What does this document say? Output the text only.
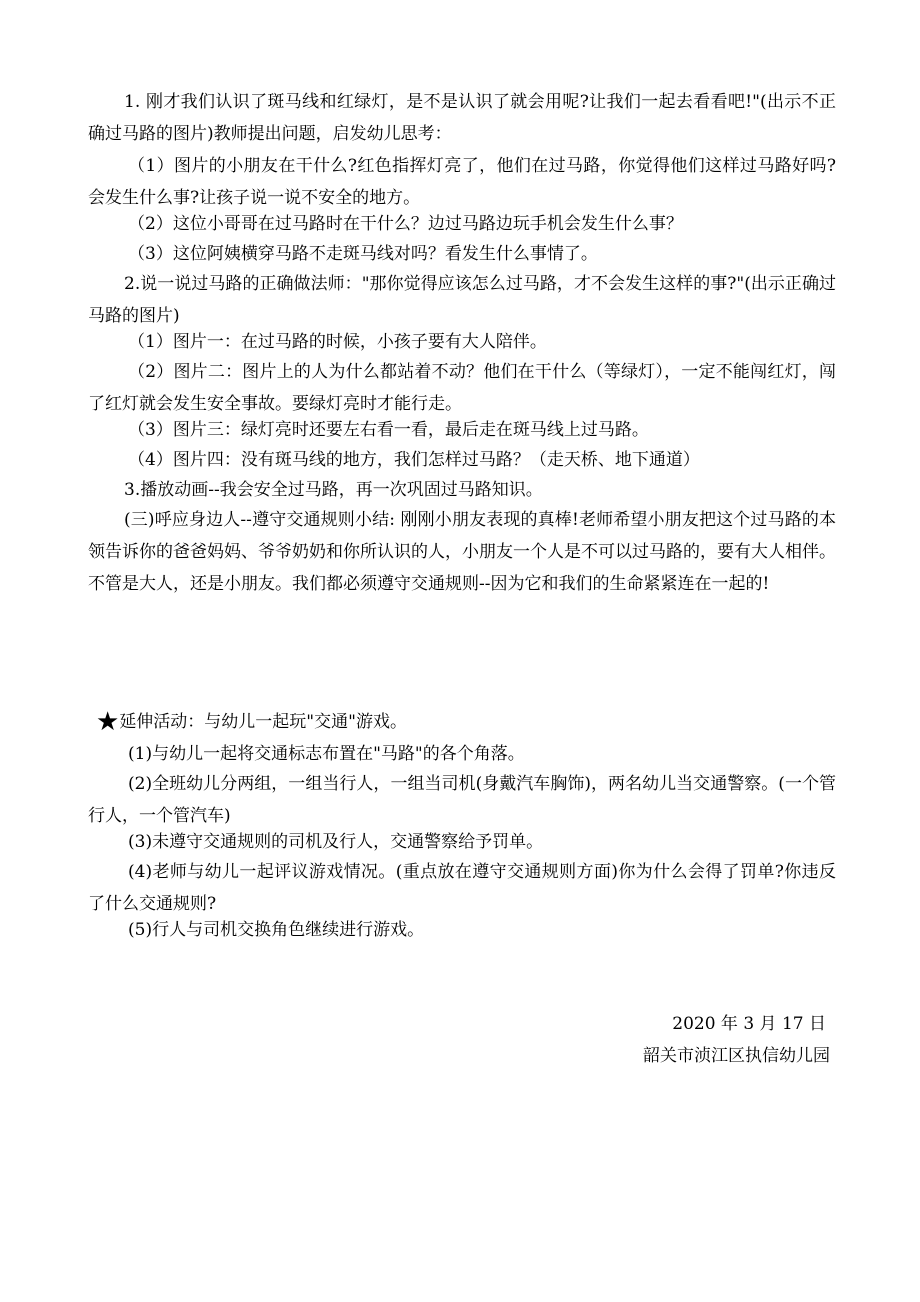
1. 刚才我们认识了斑马线和红绿灯，是不是认识了就会用呢?让我们一起去看看吧!"(出示不正确过马路的图片)教师提出问题，启发幼儿思考：

（1）图片的小朋友在干什么?红色指挥灯亮了，他们在过马路，你觉得他们这样过马路好吗?会发生什么事?让孩子说一说不安全的地方。

（2）这位小哥哥在过马路时在干什么？边过马路边玩手机会发生什么事？

（3）这位阿姨横穿马路不走斑马线对吗？看发生什么事情了。

2.说一说过马路的正确做法师："那你觉得应该怎么过马路，才不会发生这样的事?"(出示正确过马路的图片)

（1）图片一：在过马路的时候，小孩子要有大人陪伴。

（2）图片二：图片上的人为什么都站着不动？他们在干什么（等绿灯），一定不能闯红灯，闯了红灯就会发生安全事故。要绿灯亮时才能行走。

（3）图片三：绿灯亮时还要左右看一看，最后走在斑马线上过马路。

（4）图片四：没有斑马线的地方，我们怎样过马路？（走天桥、地下通道）

3.播放动画--我会安全过马路，再一次巩固过马路知识。

(三)呼应身边人--遵守交通规则小结: 刚刚小朋友表现的真棒!老师希望小朋友把这个过马路的本领告诉你的爸爸妈妈、爷爷奶奶和你所认识的人，小朋友一个人是不可以过马路的，要有大人相伴。不管是大人，还是小朋友。我们都必须遵守交通规则--因为它和我们的生命紧紧连在一起的!

★延伸活动：与幼儿一起玩"交通"游戏。

(1)与幼儿一起将交通标志布置在"马路"的各个角落。

(2)全班幼儿分两组，一组当行人，一组当司机(身戴汽车胸饰)，两名幼儿当交通警察。(一个管行人，一个管汽车)

(3)未遵守交通规则的司机及行人，交通警察给予罚单。

(4)老师与幼儿一起评议游戏情况。(重点放在遵守交通规则方面)你为什么会得了罚单?你违反了什么交通规则?

(5)行人与司机交换角色继续进行游戏。

2020 年 3 月 17 日
韶关市浈江区执信幼儿园
